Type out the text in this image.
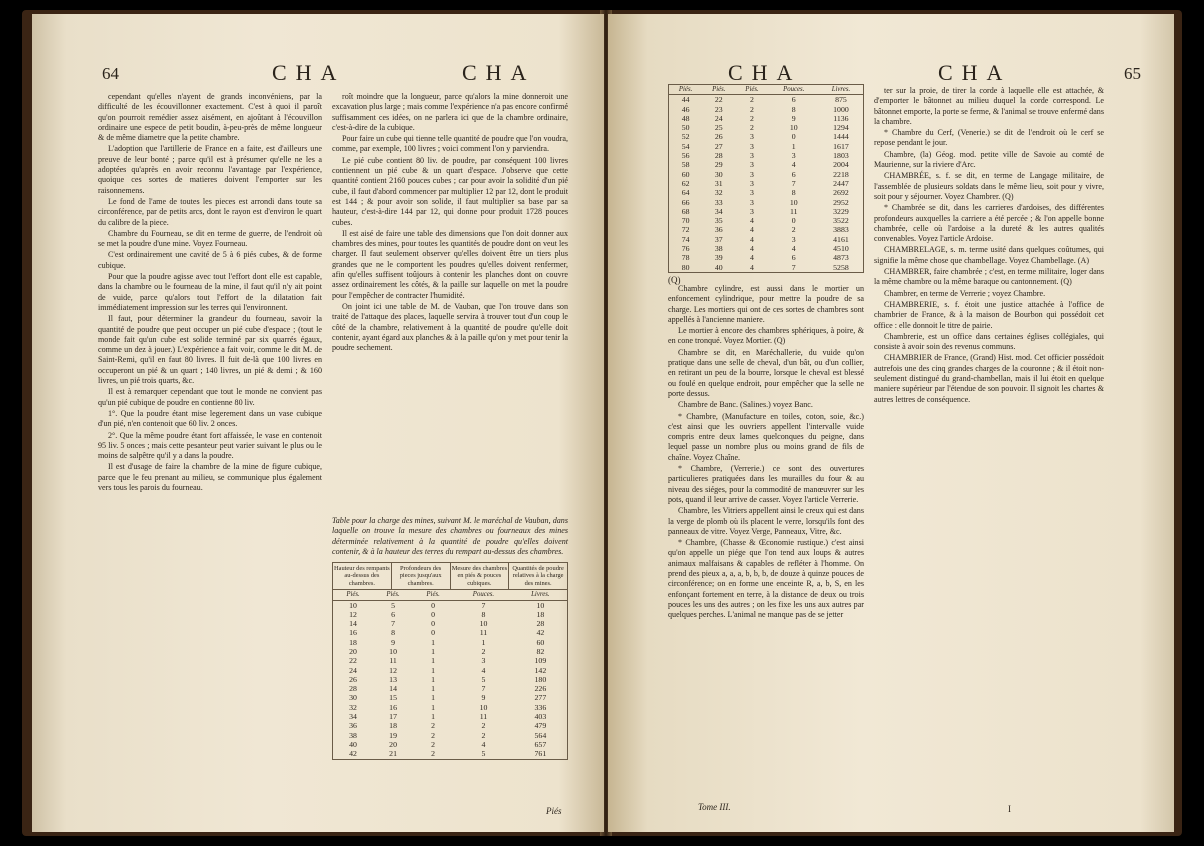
64	CHA	CHA

cependant qu'elles n'ayent de grands inconvéniens, par la difficulté de les écouvillonner exactement. C'est à quoi il paroît qu'on pourroit remédier assez aisément, en ajoûtant à l'écouvillon ordinaire une espece de petit boudin, à-peu-près de même longueur & de même diametre que la petite chambre.

L'adoption que l'artillerie de France en a faite, est d'ailleurs une preuve de leur bonté ; parce qu'il est à présumer qu'elle ne les a adoptées qu'après en avoir reconnu l'avantage par l'expérience, quoique ces sortes de matieres doivent l'emporter sur les raisonnemens.

Le fond de l'ame de toutes les pieces est arrondi dans toute sa circonférence, par de petits arcs, dont le rayon est d'environ le quart du calibre de la piece.

Chambre du Fourneau, se dit en terme de guerre, de l'endroit où se met la poudre d'une mine. Voyez Fourneau.

C'est ordinairement une cavité de 5 à 6 piés cubes, & de forme cubique.

Pour que la poudre agisse avec tout l'effort dont elle est capable, dans la chambre ou le fourneau de la mine, il faut qu'il n'y ait point de vuide, parce qu'alors tout l'effort de la dilatation fait immédiatement impression sur les terres qui l'environnent.

Il faut, pour déterminer la grandeur du fourneau, savoir la quantité de poudre que peut occuper un pié cube d'espace ; (tout le monde fait qu'un cube est solide terminé par six quarrés égaux, comme un dez à jouer.) L'expérience a fait voir, comme le dit M. de Saint-Remi, qu'il en faut 80 livres. Il fuit de-là que 100 livres en occuperont un pié & un quart ; 140 livres, un pié & demi ; & 160 livres, un pié trois quarts, &c.

Il est à remarquer cependant que tout le monde ne convient pas qu'un pié cubique de poudre en contienne 80 liv.

1°. Que la poudre étant mise legerement dans un vase cubique d'un pié, n'en contenoit que 60 liv. 2 onces.

2°. Que la même poudre étant fort affaissée, le vase en contenoit 95 liv. 5 onces ; mais cette pesanteur peut varier suivant le plus ou le moins de salpêtre qu'il y a dans la poudre.

Il est d'usage de faire la chambre de la mine de figure cubique, parce que le feu prenant au milieu, se communique plus également vers tous les parois du fourneau.

roît moindre que la longueur, parce qu'alors la mine donneroit une excavation plus large ; mais comme l'expérience n'a pas encore confirmé suffisamment ces idées, on ne parlera ici que de la chambre ordinaire, c'est-à-dire de la cubique.

Pour faire un cube qui tienne telle quantité de poudre que l'on voudra, comme, par exemple, 100 livres ; voici comment l'on y parviendra.

Le pié cube contient 80 liv. de poudre, par conséquent 100 livres contiennent un pié cube & un quart d'espace. J'observe que cette quantité contient 2160 pouces cubes ; car pour avoir la solidité d'un pié cube, il faut d'abord commencer par multiplier 12 par 12, dont le produit est 144 ; & pour avoir son solide, il faut multiplier sa base par sa hauteur, c'est-à-dire 144 par 12, qui donne pour produit 1728 pouces cubes.

Il est aisé de faire une table des dimensions que l'on doit donner aux chambres des mines, pour toutes les quantités de poudre dont on veut les charger. Il faut seulement observer qu'elles doivent être un tiers plus grandes que ne le comportent les poudres qu'elles doivent renfermer, afin qu'elles suffisent toûjours à contenir les planches dont on couvre assez ordinairement les côtés, & la paille sur laquelle on met la poudre pour l'empêcher de contracter l'humidité.

On joint ici une table de M. de Vauban, que l'on trouve dans son traité de l'attaque des places, laquelle servira à trouver tout d'un coup le côté de la chambre, relativement à la quantité de poudre qu'elle doit contenir, ayant égard aux planches & à la paille qu'on y met pour tenir la poudre sechement.

Table pour la charge des mines, suivant M. le maréchal de Vauban, dans laquelle on trouve la mesure des chambres ou fourneaux des mines déterminée relativement à la quantité de poudre qu'elles doivent contenir, & à la hauteur des terres du rempart au-dessus des chambres.
Hauteur des rempants au-dessus des chambres.
Profondeurs des pieces jusqu'aux chambres.
Mesure des chambres en piés & pouces cubiques.
Quantités de poudre relatives à la charge des mines.
Piés.	Piés.	Piés.	Pouces.	Livres.
10	5	0	7	10
12	6	0	8	18
14	7	0	10	28
16	8	0	11	42
18	9	1	1	60
20	10	1	2	82
22	11	1	3	109
24	12	1	4	142
26	13	1	5	180
28	14	1	7	226
30	15	1	9	277
32	16	1	10	336
34	17	1	11	403
36	18	2	2	479
38	19	2	2	564
40	20	2	4	657
42	21	2	5	761
Piés
CHA	CHA	65
Piés.	Piés.	Piés.	Pouces.	Livres.
44	22	2	6	875
46	23	2	8	1000
48	24	2	9	1136
50	25	2	10	1294
52	26	3	0	1444
54	27	3	1	1617
56	28	3	3	1803
58	29	3	4	2004
60	30	3	6	2218
62	31	3	7	2447
64	32	3	8	2692
66	33	3	10	2952
68	34	3	11	3229
70	35	4	0	3522
72	36	4	2	3883
74	37	4	3	4161
76	38	4	4	4510
78	39	4	6	4873
80	40	4	7	5258
(Q)

Chambre cylindre, est aussi dans le mortier un enfoncement cylindrique, pour mettre la poudre de sa charge. Les mortiers qui ont de ces sortes de chambres sont appellés à l'ancienne maniere.

Le mortier à encore des chambres sphériques, à poire, & en cone tronqué. Voyez Mortier. (Q)

Chambre se dit, en Maréchallerie, du vuide qu'on pratique dans une selle de cheval, d'un bât, ou d'un collier, en retirant un peu de la bourre, lorsque le cheval est blessé ou foulé en quelque endroit, pour empêcher que la selle ne porte dessus.

Chambre de Banc. (Salines.) voyez Banc.

* Chambre, (Manufacture en toiles, coton, soie, &c.) c'est ainsi que les ouvriers appellent l'intervalle vuide compris entre deux lames quelconques du peigne, dans lequel passe un nombre plus ou moins grand de fils de chaîne. Voyez Chaîne.

* Chambre, (Verrerie.) ce sont des ouvertures particulieres pratiquées dans les murailles du four & au niveau des siéges, pour la commodité de manœuvrer sur les pots, quand il leur arrive de casser. Voyez l'article Verrerie.

Chambre, les Vitriers appellent ainsi le creux qui est dans la verge de plomb où ils placent le verre, lorsqu'ils font des panneaux de vitre. Voyez Verge, Panneaux, Vitre, &c.

* Chambre, (Chasse & Œconomie rustique.) c'est ainsi qu'on appelle un piége que l'on tend aux loups & autres animaux malfaisans & capables de refléter à l'homme. On prend des pieux a, a, a, b, b, b, de douze à quinze pouces de circonférence; on en forme une enceinte R, a, b, S, en les enfonçant fortement en terre, à la distance de deux ou trois pouces les uns des autres ; on les fixe les uns aux autres par quelques perches. L'animal ne manque pas de se jetter

Tome III.

ter sur la proie, de tirer la corde à laquelle elle est attachée, & d'emporter le bâtonnet au milieu duquel la corde correspond. Le bâtonnet emporte, la porte se ferme, & l'animal se trouve enfermé dans la chambre.

* Chambre du Cerf, (Venerie.) se dit de l'endroit où le cerf se repose pendant le jour.

Chambre, (la) Géog. mod. petite ville de Savoie au comté de Maurienne, sur la riviere d'Arc.

CHAMBRÉE, s. f. se dit, en terme de Langage militaire, de l'assemblée de plusieurs soldats dans le même lieu, soit pour y vivre, soit pour y séjourner. Voyez Chambrer. (Q)

* Chambrée se dit, dans les carrieres d'ardoises, des différentes profondeurs auxquelles la carriere a été percée ; & l'on appelle bonne chambrée, celle où l'ardoise a la dureté & les autres qualités convenables. Voyez l'article Ardoise.

CHAMBRELAGE, s. m. terme usité dans quelques coûtumes, qui signifie la même chose que chambellage. Voyez Chambellage. (A)

CHAMBRER, faire chambrée ; c'est, en terme militaire, loger dans la même chambre ou la même baraque ou cantonnement. (Q)

Chambrer, en terme de Verrerie ; voyez Chambre.

CHAMBRERIE, s. f. étoit une justice attachée à l'office de chambrier de France, & à la maison de Bourbon qui possédoit cet office : elle donnoit le titre de pairie.

Chambrerie, est un office dans certaines églises collégiales, qui consiste à avoir soin des revenus communs.

CHAMBRIER de France, (Grand) Hist. mod. Cet officier possédoit autrefois une des cinq grandes charges de la couronne ; & il étoit non-seulement distingué du grand-chambellan, mais il lui étoit en quelque maniere supérieur par l'étendue de son pouvoir. Il signoit les chartes & autres lettres de conséquence.

I
